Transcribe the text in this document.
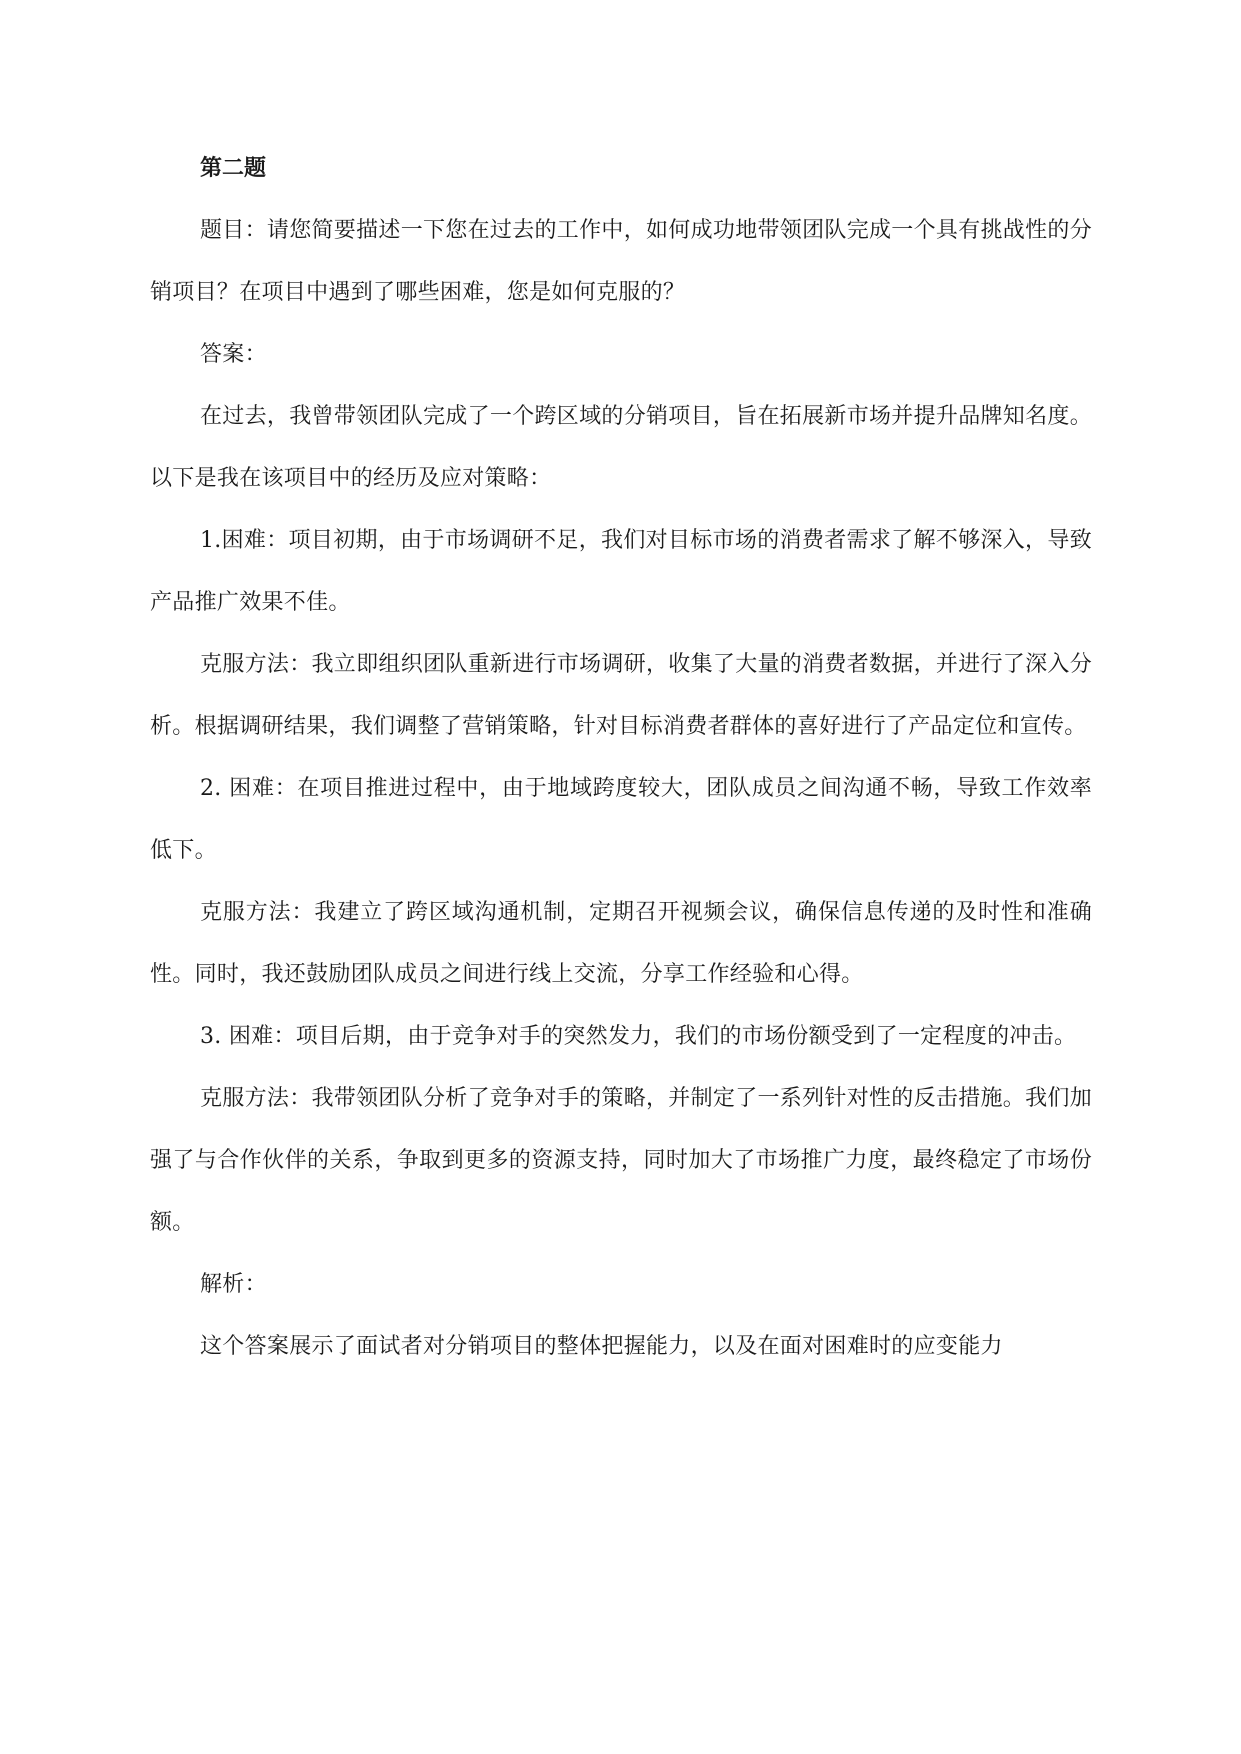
第二题

题目：请您简要描述一下您在过去的工作中，如何成功地带领团队完成一个具有挑战性的分销项目？在项目中遇到了哪些困难，您是如何克服的？

答案：

在过去，我曾带领团队完成了一个跨区域的分销项目，旨在拓展新市场并提升品牌知名度。以下是我在该项目中的经历及应对策略：

1.困难：项目初期，由于市场调研不足，我们对目标市场的消费者需求了解不够深入，导致产品推广效果不佳。

克服方法：我立即组织团队重新进行市场调研，收集了大量的消费者数据，并进行了深入分析。根据调研结果，我们调整了营销策略，针对目标消费者群体的喜好进行了产品定位和宣传。

2. 困难：在项目推进过程中，由于地域跨度较大，团队成员之间沟通不畅，导致工作效率低下。

克服方法：我建立了跨区域沟通机制，定期召开视频会议，确保信息传递的及时性和准确性。同时，我还鼓励团队成员之间进行线上交流，分享工作经验和心得。

3. 困难：项目后期，由于竞争对手的突然发力，我们的市场份额受到了一定程度的冲击。

克服方法：我带领团队分析了竞争对手的策略，并制定了一系列针对性的反击措施。我们加强了与合作伙伴的关系，争取到更多的资源支持，同时加大了市场推广力度，最终稳定了市场份额。

解析：

这个答案展示了面试者对分销项目的整体把握能力，以及在面对困难时的应变能力
